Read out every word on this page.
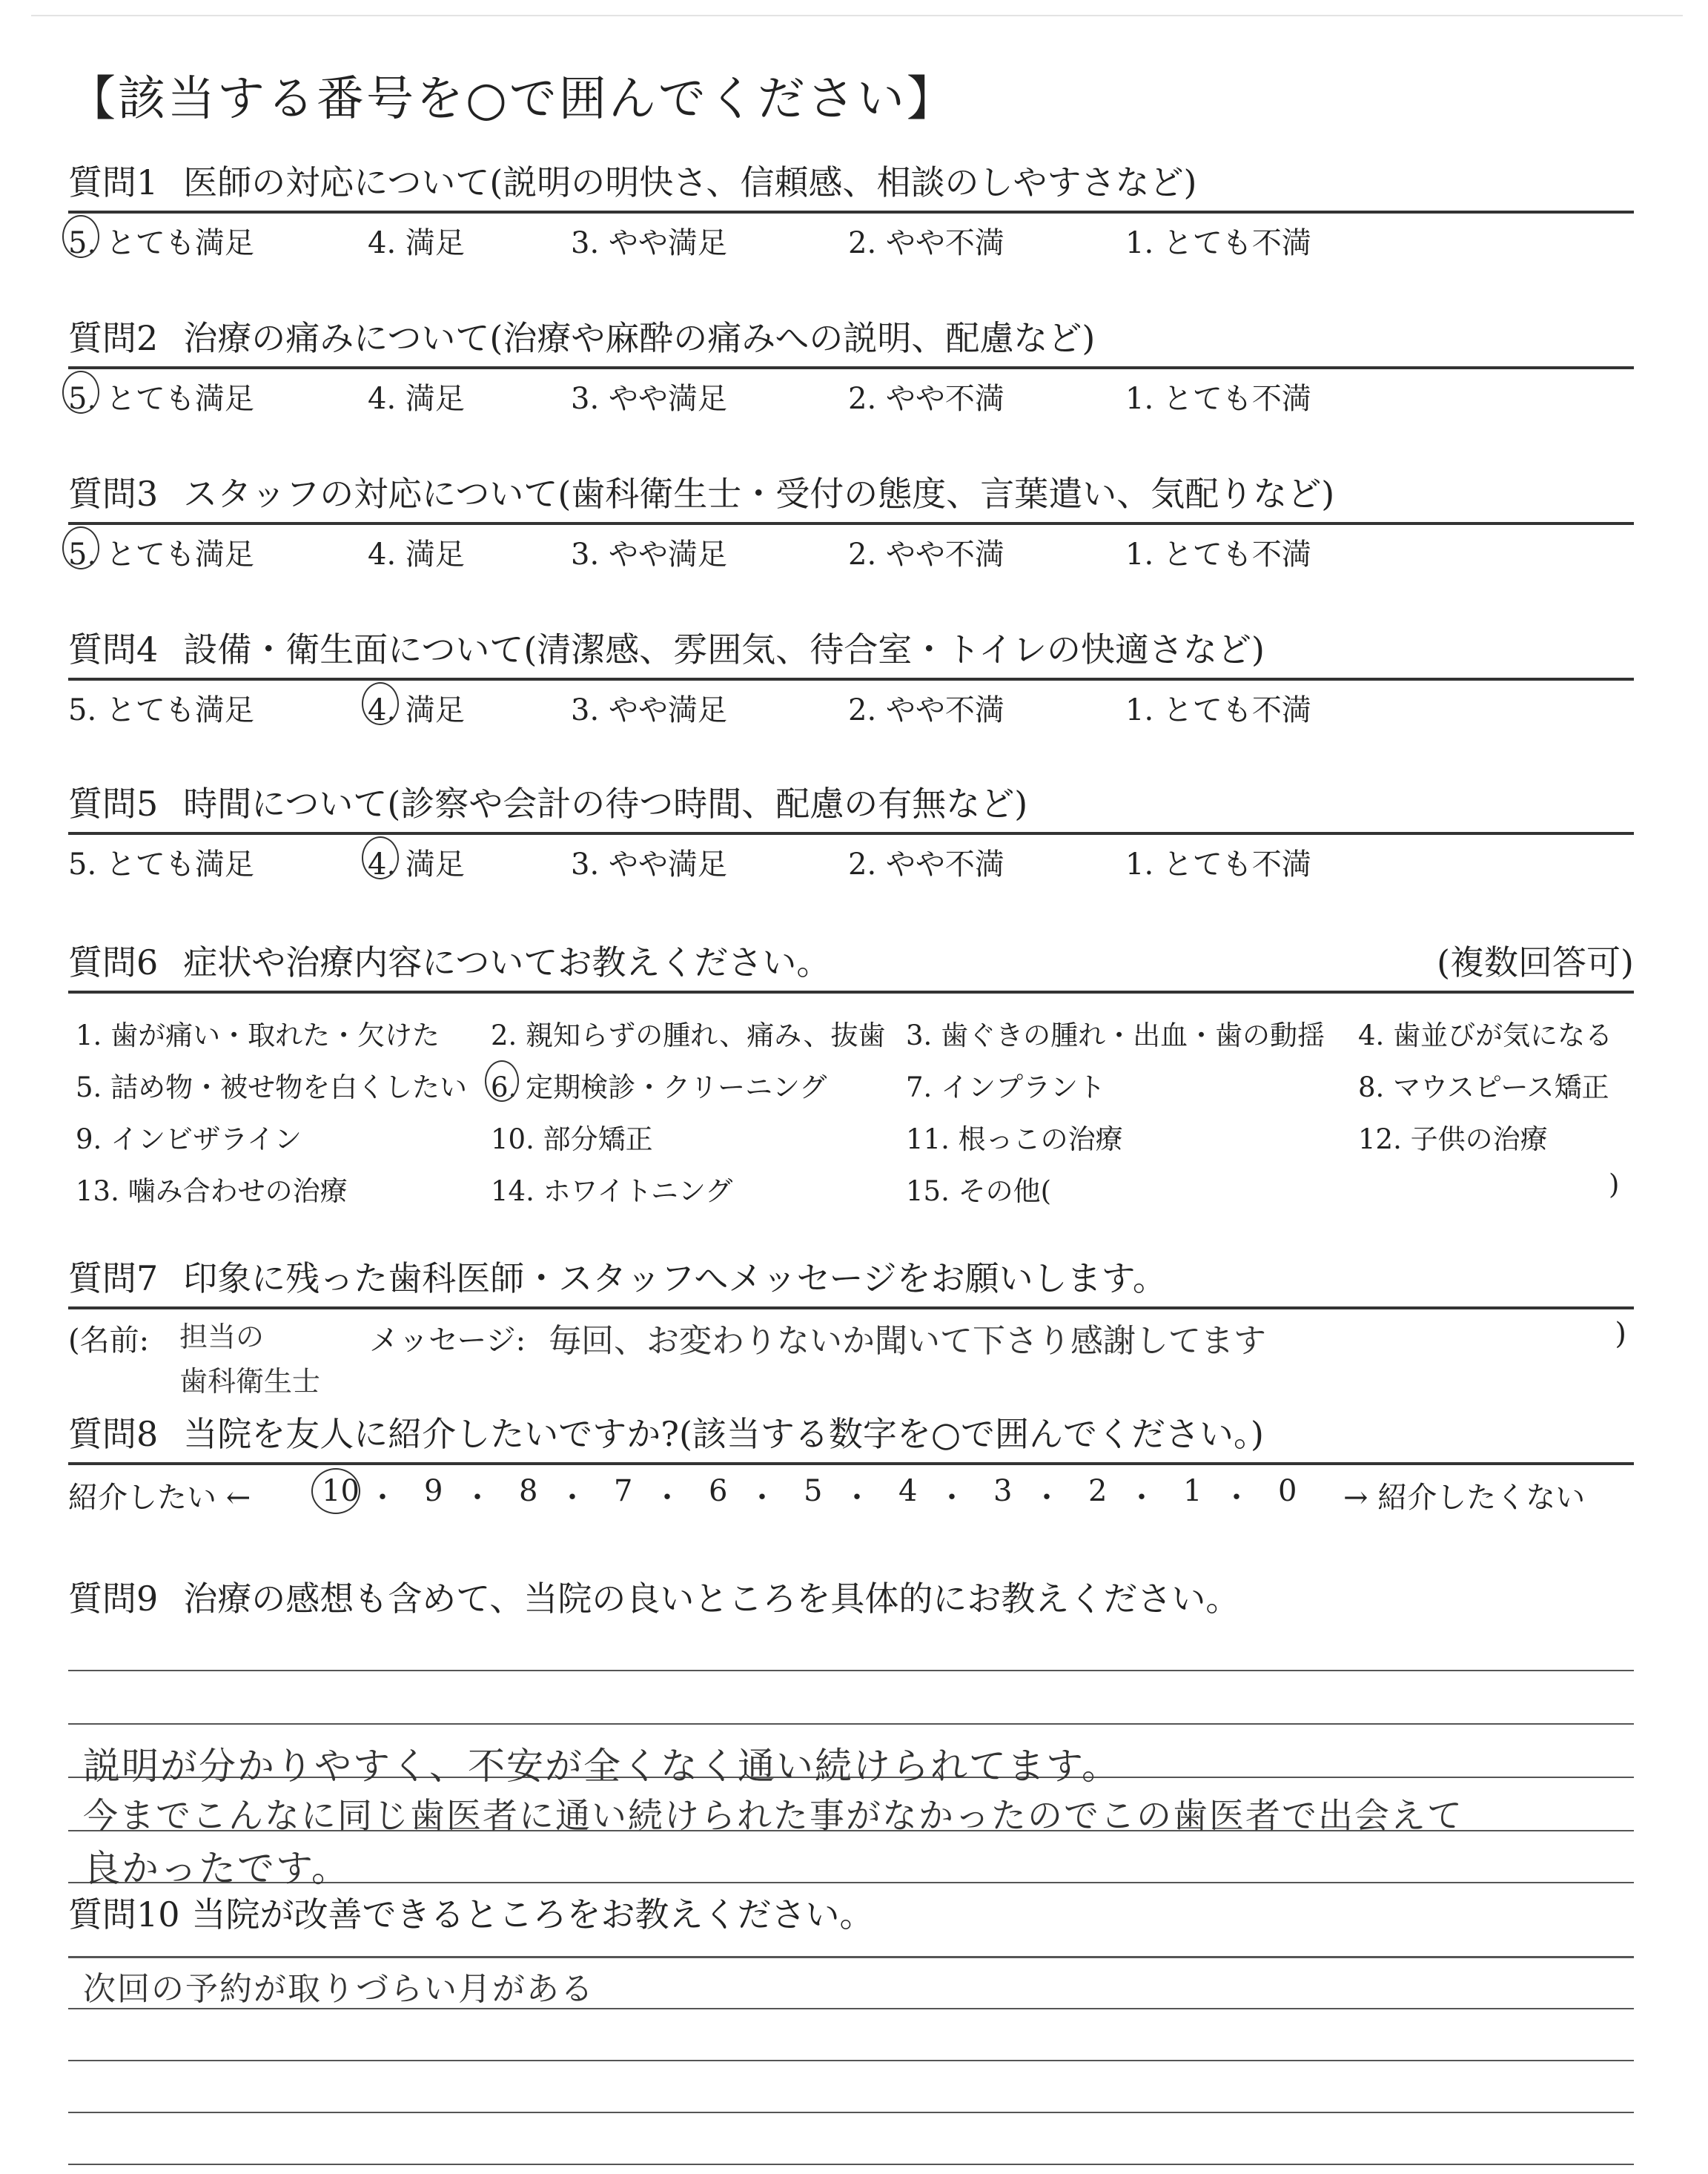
【該当する番号を○で囲んでください】
質問1 医師の対応について(説明の明快さ、信頼感、相談のしやすさなど)
5. とても満足	4. 満足	3. やや満足	2. やや不満	1. とても不満
質問2 治療の痛みについて(治療や麻酔の痛みへの説明、配慮など)
5. とても満足	4. 満足	3. やや満足	2. やや不満	1. とても不満
質問3 スタッフの対応について(歯科衛生士・受付の態度、言葉遣い、気配りなど)
5. とても満足	4. 満足	3. やや満足	2. やや不満	1. とても不満
質問4 設備・衛生面について(清潔感、雰囲気、待合室・トイレの快適さなど)
5. とても満足	4. 満足	3. やや満足	2. やや不満	1. とても不満
質問5 時間について(診察や会計の待つ時間、配慮の有無など)
5. とても満足	4. 満足	3. やや満足	2. やや不満	1. とても不満
質問6 症状や治療内容についてお教えください。	(複数回答可)
1. 歯が痛い・取れた・欠けた 2. 親知らずの腫れ、痛み、抜歯 3. 歯ぐきの腫れ・出血・歯の動揺 4. 歯並びが気になる
5. 詰め物・被せ物を白くしたい 6. 定期検診・クリーニング	7. インプラント	8. マウスピース矯正
9. インビザライン	10. 部分矯正	11. 根っこの治療	12. 子供の治療
13. 噛み合わせの治療	14. ホワイトニング	15. その他(	)
質問7 印象に残った歯科医師・スタッフへメッセージをお願いします。
(名前: 担当の
歯科衛生士
メッセージ: 毎回、お変わりないか聞いて下さり感謝してます	)
質問8 当院を友人に紹介したいですか?(該当する数字を○で囲んでください。)
紹介したい ← 10 ・ 9 ・ 8 ・ 7 ・ 6 ・ 5 ・ 4 ・ 3 ・ 2 ・ 1 ・ 0 → 紹介したくない
質問9 治療の感想も含めて、当院の良いところを具体的にお教えください。
説明が分かりやすく、不安が全くなく通い続けられてます。
今までこんなに同じ歯医者に通い続けられた事がなかったのでこの歯医者で出会えて
良かったです。
質問10 当院が改善できるところをお教えください。
次回の予約が取りづらい月がある
